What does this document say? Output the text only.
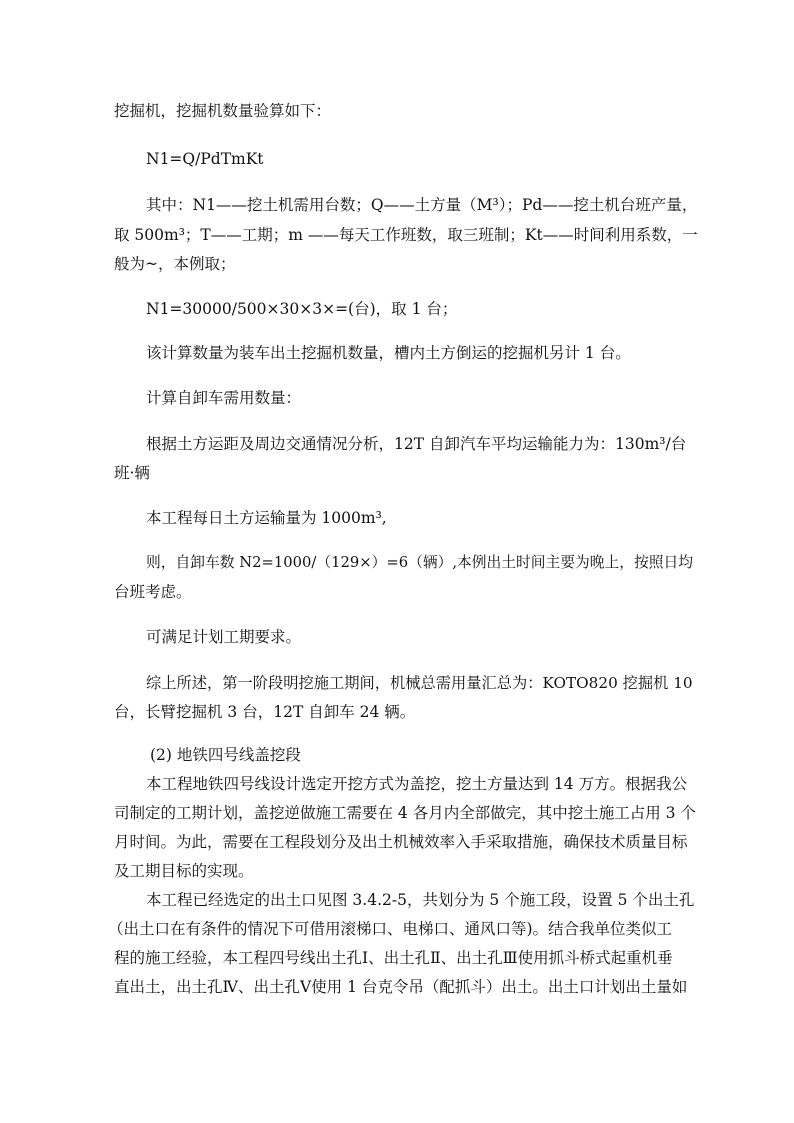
挖掘机，挖掘机数量验算如下：
N1=Q/PdTmKt
其中：N1——挖土机需用台数；Q——土方量（M³）；Pd——挖土机台班产量，
取 500m³；T——工期；m ——每天工作班数，取三班制；Kt——时间利用系数，一
般为~，本例取；
N1=30000/500×30×3×=(台)，取 1 台；
该计算数量为装车出土挖掘机数量，槽内土方倒运的挖掘机另计 1 台。
计算自卸车需用数量：
根据土方运距及周边交通情况分析，12T 自卸汽车平均运输能力为：130m³/台
班·辆
本工程每日土方运输量为 1000m³,
则，自卸车数 N2=1000/（129×）=6（辆）,本例出土时间主要为晚上，按照日均
台班考虑。
可满足计划工期要求。
综上所述，第一阶段明挖施工期间，机械总需用量汇总为：KOTO820 挖掘机 10
台，长臂挖掘机 3 台，12T 自卸车 24 辆。
(2) 地铁四号线盖挖段
本工程地铁四号线设计选定开挖方式为盖挖，挖土方量达到 14 万方。根据我公
司制定的工期计划，盖挖逆做施工需要在 4 各月内全部做完，其中挖土施工占用 3 个
月时间。为此，需要在工程段划分及出土机械效率入手采取措施，确保技术质量目标
及工期目标的实现。
本工程已经选定的出土口见图 3.4.2-5，共划分为 5 个施工段，设置 5 个出土孔
（出土口在有条件的情况下可借用滚梯口、电梯口、通风口等)。结合我单位类似工
程的施工经验，本工程四号线出土孔Ⅰ、出土孔Ⅱ、出土孔Ⅲ使用抓斗桥式起重机垂
直出土，出土孔Ⅳ、出土孔Ⅴ使用 1 台克令吊（配抓斗）出土。出土口计划出土量如
